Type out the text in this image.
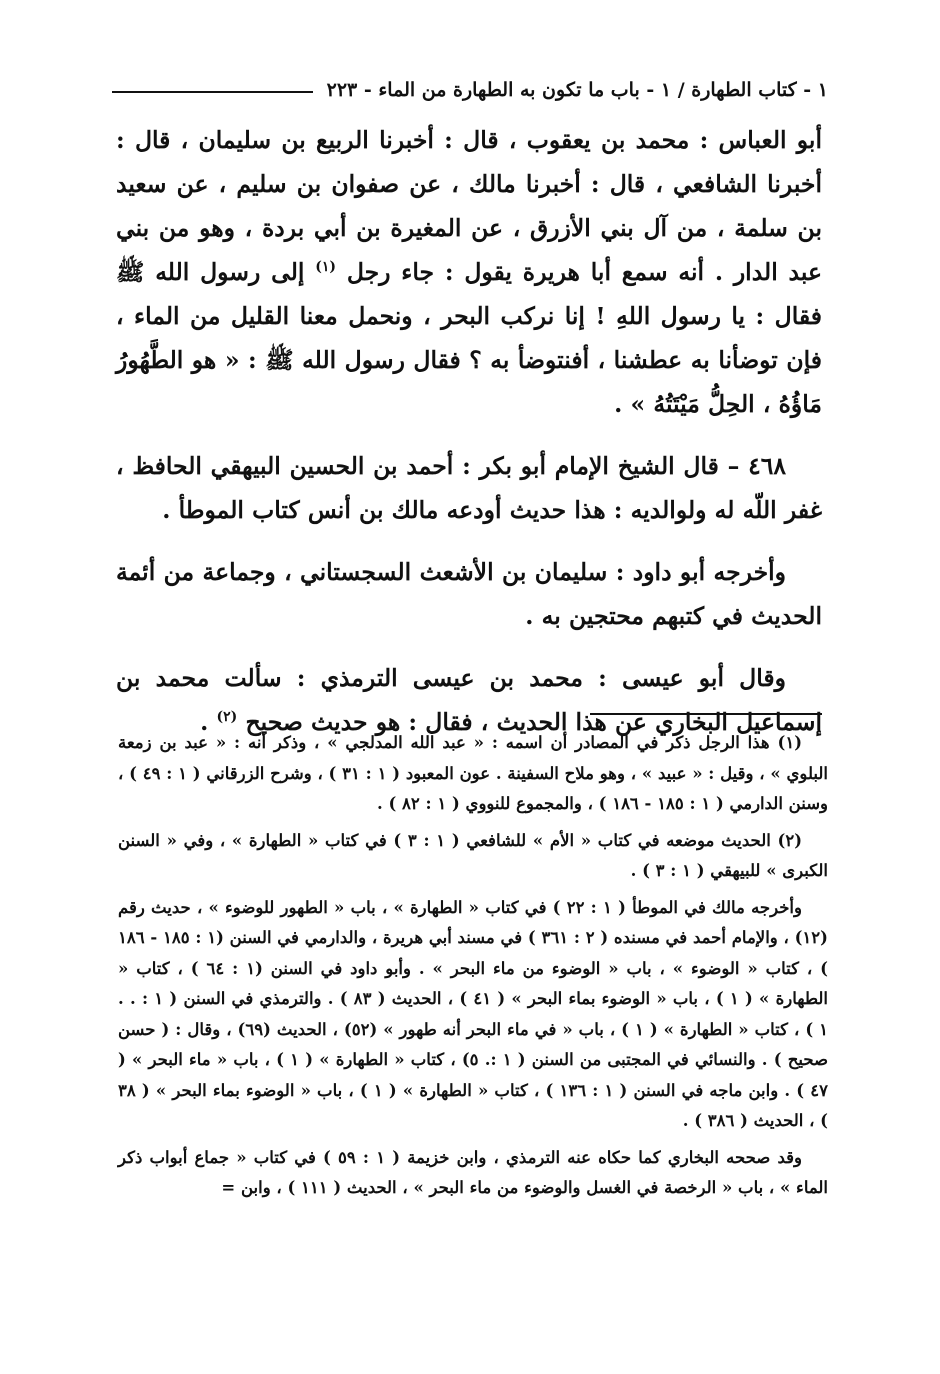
١ - كتاب الطهارة / ١ - باب ما تكون به الطهارة من الماء - ٢٢٣

أبو العباس : محمد بن يعقوب ، قال : أخبرنا الربيع بن سليمان ، قال : أخبرنا الشافعي ، قال : أخبرنا مالك ، عن صفوان بن سليم ، عن سعيد بن سلمة ، من آل بني الأزرق ، عن المغيرة بن أبي بردة ، وهو من بني عبد الدار . أنه سمع أبا هريرة يقول : جاء رجل $^{(١)}$ إلى رسول الله ﷺ فقال : يا رسول اللهِ ! إنا نركب البحر ، ونحمل معنا القليل من الماء ، فإن توضأنا به عطشنا ، أفنتوضأ به ؟ فقال رسول الله ﷺ : « هو الطَّهُورُ مَاؤُهُ ، الحِلُّ مَيْتَتُهُ » .

٤٦٨ – قال الشيخ الإمام أبو بكر : أحمد بن الحسين البيهقي الحافظ ، غفر اللّه له ولوالديه : هذا حديث أودعه مالك بن أنس كتاب الموطأ .

وأخرجه أبو داود : سليمان بن الأشعث السجستاني ، وجماعة من أئمة الحديث في كتبهم محتجين به .

وقال أبو عيسى : محمد بن عيسى الترمذي : سألت محمد بن إسماعيل البخاري عن هذا الحديث ، فقال : هو حديث صحيح $^{(٢)}$ .

(١) هذا الرجل ذكر في المصادر أن اسمه : « عبد الله المدلجي » ، وذكر أنه : « عبد بن زمعة البلوي » ، وقيل : « عبيد » ، وهو ملاح السفينة . عون المعبود ( ١ : ٣١ ) ، وشرح الزرقاني ( ١ : ٤٩ ) ، وسنن الدارمي ( ١ : ١٨٥ - ١٨٦ ) ، والمجموع للنووي ( ١ : ٨٢ ) .

(٢) الحديث موضعه في كتاب « الأم » للشافعي ( ١ : ٣ ) في كتاب « الطهارة » ، وفي « السنن الكبرى » للبيهقي ( ١ : ٣ ) .

وأخرجه مالك في الموطأ ( ١ : ٢٢ ) في كتاب « الطهارة » ، باب « الطهور للوضوء » ، حديث رقم (١٢) ، والإمام أحمد في مسنده ( ٢ : ٣٦١ ) في مسند أبي هريرة ، والدارمي في السنن (١ : ١٨٥ - ١٨٦ ) ، كتاب « الوضوء » ، باب « الوضوء من ماء البحر » . وأبو داود في السنن (١ : ٦٤ ) ، كتاب « الطهارة » ( ١ ) ، باب « الوضوء بماء البحر » ( ٤١ ) ، الحديث ( ٨٣ ) . والترمذي في السنن ( ١ : . . ١ ) ، كتاب « الطهارة » ( ١ ) ، باب « في ماء البحر أنه طهور » (٥٢) ، الحديث (٦٩) ، وقال : ( حسن صحيح ) . والنسائي في المجتبى من السنن ( ١ :. ٥) ، كتاب « الطهارة » ( ١ ) ، باب « ماء البحر » ( ٤٧ ) . وابن ماجه في السنن ( ١ : ١٣٦ ) ، كتاب « الطهارة » ( ١ ) ، باب « الوضوء بماء البحر » ( ٣٨ ) ، الحديث ( ٣٨٦ ) .

وقد صححه البخاري كما حكاه عنه الترمذي ، وابن خزيمة ( ١ : ٥٩ ) في كتاب « جماع أبواب ذكر الماء » ، باب « الرخصة في الغسل والوضوء من ماء البحر » ، الحديث ( ١١١ ) ، وابن =
